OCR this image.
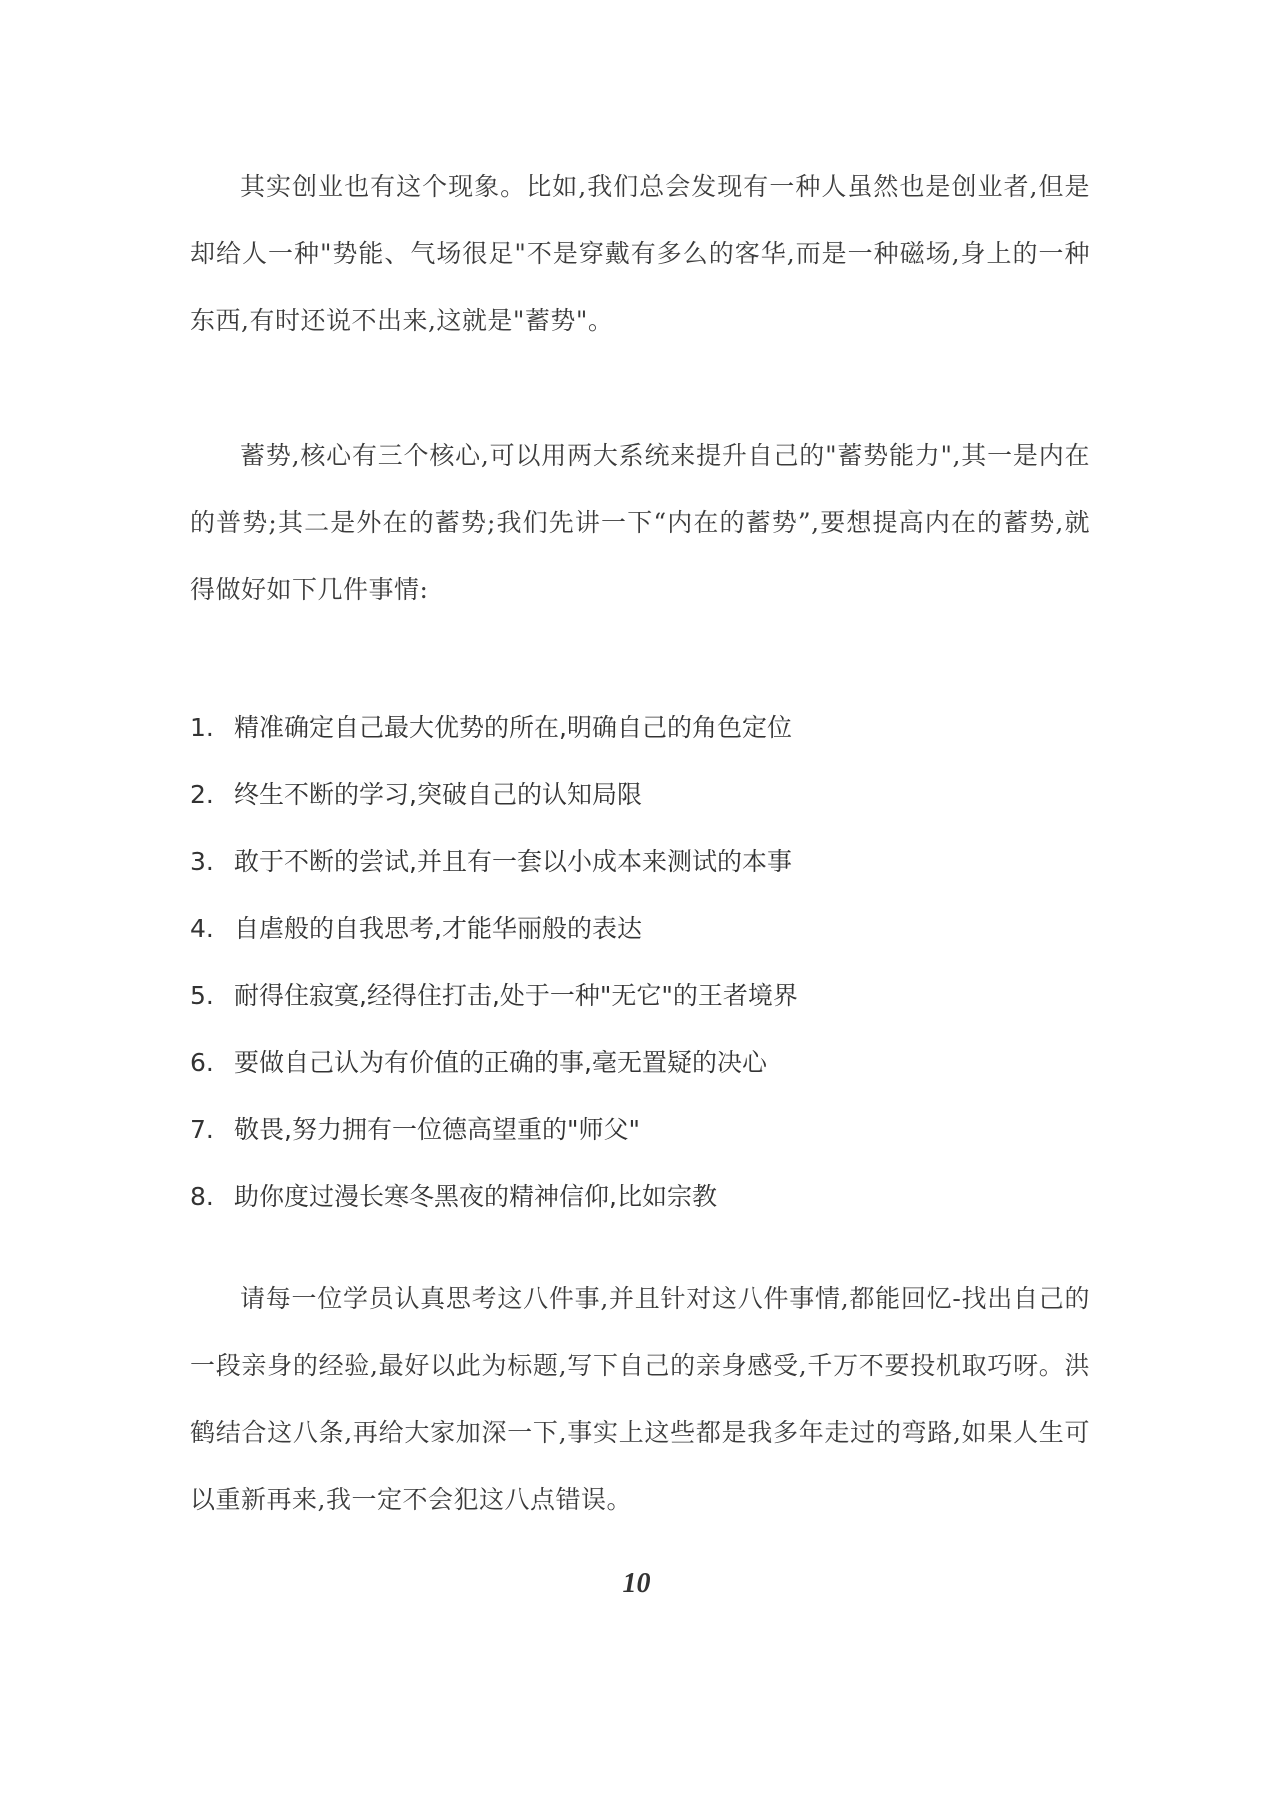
其实创业也有这个现象。比如,我们总会发现有一种人虽然也是创业者,但是却给人一种"势能、气场很足"不是穿戴有多么的客华,而是一种磁场,身上的一种东西,有时还说不出来,这就是"蓄势"。

蓄势,核心有三个核心,可以用两大系统来提升自己的"蓄势能力",其一是内在的普势;其二是外在的蓄势;我们先讲一下“内在的蓄势”,要想提高内在的蓄势,就得做好如下几件事情:

1. 精准确定自己最大优势的所在,明确自己的角色定位
2. 终生不断的学习,突破自己的认知局限
3. 敢于不断的尝试,并且有一套以小成本来测试的本事
4. 自虐般的自我思考,才能华丽般的表达
5. 耐得住寂寞,经得住打击,处于一种"无它"的王者境界
6. 要做自己认为有价值的正确的事,毫无置疑的决心
7. 敬畏,努力拥有一位德高望重的"师父"
8. 助你度过漫长寒冬黑夜的精神信仰,比如宗教

请每一位学员认真思考这八件事,并且针对这八件事情,都能回忆-找出自己的一段亲身的经验,最好以此为标题,写下自己的亲身感受,千万不要投机取巧呀。洪鹤结合这八条,再给大家加深一下,事实上这些都是我多年走过的弯路,如果人生可以重新再来,我一定不会犯这八点错误。

10
